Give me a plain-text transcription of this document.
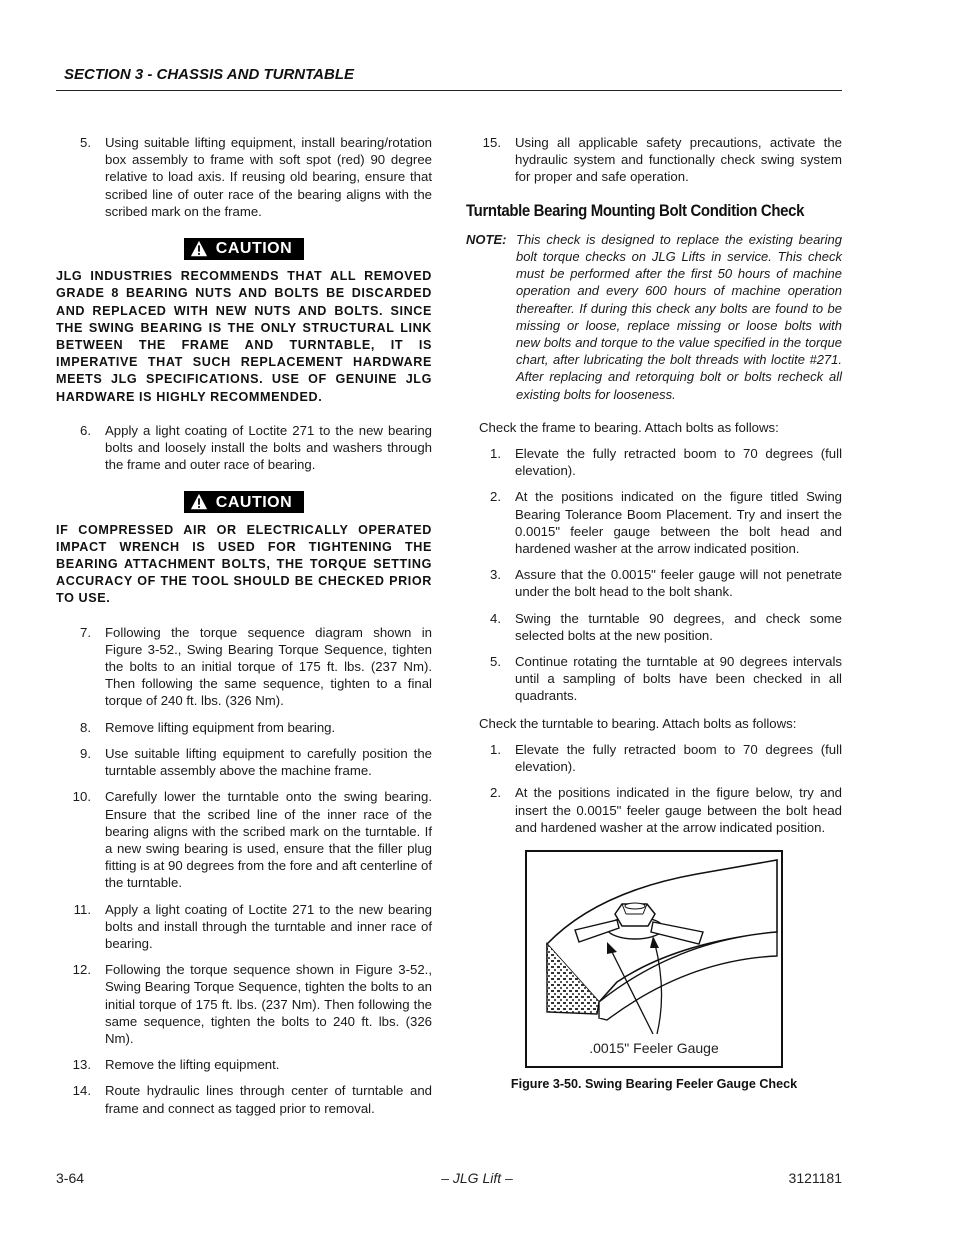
SECTION 3 - CHASSIS AND TURNTABLE
5.	Using suitable lifting equipment, install bearing/rotation box assembly to frame with soft spot (red) 90 degree relative to load axis. If reusing old bearing, ensure that scribed line of outer race of the bearing aligns with the scribed mark on the frame.
CAUTION
JLG INDUSTRIES RECOMMENDS THAT ALL REMOVED GRADE 8 BEARING NUTS AND BOLTS BE DISCARDED AND REPLACED WITH NEW NUTS AND BOLTS. SINCE THE SWING BEARING IS THE ONLY STRUCTURAL LINK BETWEEN THE FRAME AND TURNTABLE, IT IS IMPERATIVE THAT SUCH REPLACEMENT HARDWARE MEETS JLG SPECIFICATIONS. USE OF GENUINE JLG HARDWARE IS HIGHLY RECOMMENDED.
6.	Apply a light coating of Loctite 271 to the new bearing bolts and loosely install the bolts and washers through the frame and outer race of bearing.
CAUTION
IF COMPRESSED AIR OR ELECTRICALLY OPERATED IMPACT WRENCH IS USED FOR TIGHTENING THE BEARING ATTACHMENT BOLTS, THE TORQUE SETTING ACCURACY OF THE TOOL SHOULD BE CHECKED PRIOR TO USE.
7.	Following the torque sequence diagram shown in Figure 3-52., Swing Bearing Torque Sequence, tighten the bolts to an initial torque of 175 ft. lbs. (237 Nm). Then following the same sequence, tighten to a final torque of 240 ft. lbs. (326 Nm).
8.	Remove lifting equipment from bearing.
9.	Use suitable lifting equipment to carefully position the turntable assembly above the machine frame.
10.	Carefully lower the turntable onto the swing bearing. Ensure that the scribed line of the inner race of the bearing aligns with the scribed mark on the turntable. If a new swing bearing is used, ensure that the filler plug fitting is at 90 degrees from the fore and aft centerline of the turntable.
11.	Apply a light coating of Loctite 271 to the new bearing bolts and install through the turntable and inner race of bearing.
12.	Following the torque sequence shown in Figure 3-52., Swing Bearing Torque Sequence, tighten the bolts to an initial torque of 175 ft. lbs. (237 Nm). Then following the same sequence, tighten the bolts to 240 ft. lbs. (326 Nm).
13.	Remove the lifting equipment.
14.	Route hydraulic lines through center of turntable and frame and connect as tagged prior to removal.
15.	Using all applicable safety precautions, activate the hydraulic system and functionally check swing system for proper and safe operation.
Turntable Bearing Mounting Bolt Condition Check
NOTE: This check is designed to replace the existing bearing bolt torque checks on JLG Lifts in service. This check must be performed after the first 50 hours of machine operation and every 600 hours of machine operation thereafter. If during this check any bolts are found to be missing or loose, replace missing or loose bolts with new bolts and torque to the value specified in the torque chart, after lubricating the bolt threads with loctite #271. After replacing and retorquing bolt or bolts recheck all existing bolts for looseness.
Check the frame to bearing. Attach bolts as follows:
1.	Elevate the fully retracted boom to 70 degrees (full elevation).
2.	At the positions indicated on the figure titled Swing Bearing Tolerance Boom Placement. Try and insert the 0.0015" feeler gauge between the bolt head and hardened washer at the arrow indicated position.
3.	Assure that the 0.0015" feeler gauge will not penetrate under the bolt head to the bolt shank.
4.	Swing the turntable 90 degrees, and check some selected bolts at the new position.
5.	Continue rotating the turntable at 90 degrees intervals until a sampling of bolts have been checked in all quadrants.
Check the turntable to bearing. Attach bolts as follows:
1.	Elevate the fully retracted boom to 70 degrees (full elevation).
2.	At the positions indicated in the figure below, try and insert the 0.0015" feeler gauge between the bolt head and hardened washer at the arrow indicated position.
.0015" Feeler Gauge
Figure 3-50. Swing Bearing Feeler Gauge Check
3-64	– JLG Lift –	3121181
